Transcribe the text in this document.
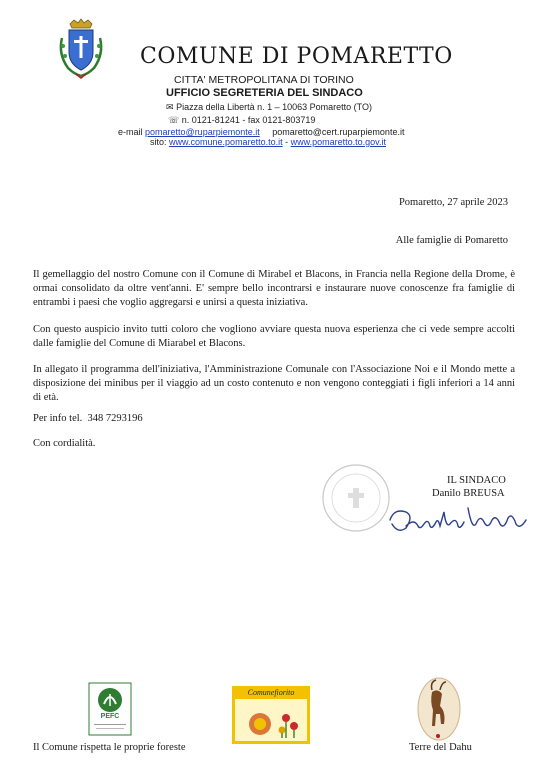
COMUNE DI POMARETTO
CITTA' METROPOLITANA DI TORINO
UFFICIO SEGRETERIA DEL SINDACO
✉ Piazza della Libertà n. 1 – 10063 Pomaretto (TO)
☏ n. 0121-81241 - fax 0121-803719
e-mail pomaretto@ruparpiemonte.it pomaretto@cert.ruparpiemonte.it
sito: www.comune.pomaretto.to.it - www.pomaretto.to.gov.it
Pomaretto, 27 aprile 2023
Alle famiglie di Pomaretto
Il gemellaggio del nostro Comune con il Comune di Mirabel et Blacons, in Francia nella Regione della Drome, è ormai consolidato da oltre vent'anni. E' sempre bello incontrarsi e instaurare nuove conoscenze fra famiglie di entrambi i paesi che voglio aggregarsi e unirsi a questa iniziativa.
Con questo auspicio invito tutti coloro che vogliono avviare questa nuova esperienza che ci vede sempre accolti dalle famiglie del Comune di Miarabel et Blacons.
In allegato il programma dell'iniziativa, l'Amministrazione Comunale con l'Associazione Noi e il Mondo mette a disposizione dei minibus per il viaggio ad un costo contenuto e non vengono conteggiati i figli inferiori a 14 anni di età.
Per info tel.  348 7293196
Con cordialità.
IL SINDACO
Danilo BREUSA
PEFC
Comunefiorito
Il Comune rispetta le proprie foreste	Terre del Dahu
